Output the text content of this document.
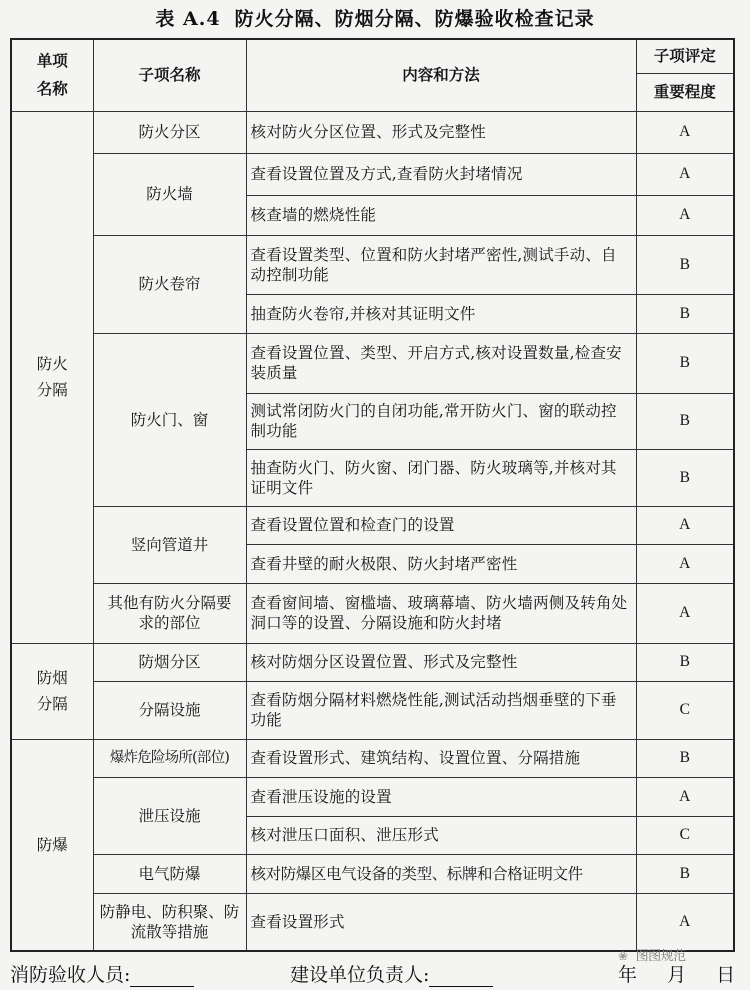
表 A.4 防火分隔、防烟分隔、防爆验收检查记录
单项
名称	子项名称	内容和方法	子项评定
			重要程度

防火
分隔	防火分区	核对防火分区位置、形式及完整性	A
	防火墙	查看设置位置及方式,查看防火封堵情况	A
		核查墙的燃烧性能	A
	防火卷帘	查看设置类型、位置和防火封堵严密性,测试手动、自动控制功能	B
		抽查防火卷帘,并核对其证明文件	B
	防火门、窗	查看设置位置、类型、开启方式,核对设置数量,检查安装质量	B
		测试常闭防火门的自闭功能,常开防火门、窗的联动控制功能	B
		抽查防火门、防火窗、闭门器、防火玻璃等,并核对其证明文件	B
	竖向管道井	查看设置位置和检查门的设置	A
		查看井壁的耐火极限、防火封堵严密性	A
	其他有防火分隔要求的部位	查看窗间墙、窗槛墙、玻璃幕墙、防火墙两侧及转角处洞口等的设置、分隔设施和防火封堵	A

防烟
分隔	防烟分区	核对防烟分区设置位置、形式及完整性	B
	分隔设施	查看防烟分隔材料燃烧性能,测试活动挡烟垂壁的下垂功能	C

防爆	爆炸危险场所(部位)	查看设置形式、建筑结构、设置位置、分隔措施	B
	泄压设施	查看泄压设施的设置	A
		核对泄压口面积、泄压形式	C
	电气防爆	核对防爆区电气设备的类型、标牌和合格证明文件	B
	防静电、防积聚、防流散等措施	查看设置形式	A
❀ 图图规范
消防验收人员:	建设单位负责人:	年  月  日
